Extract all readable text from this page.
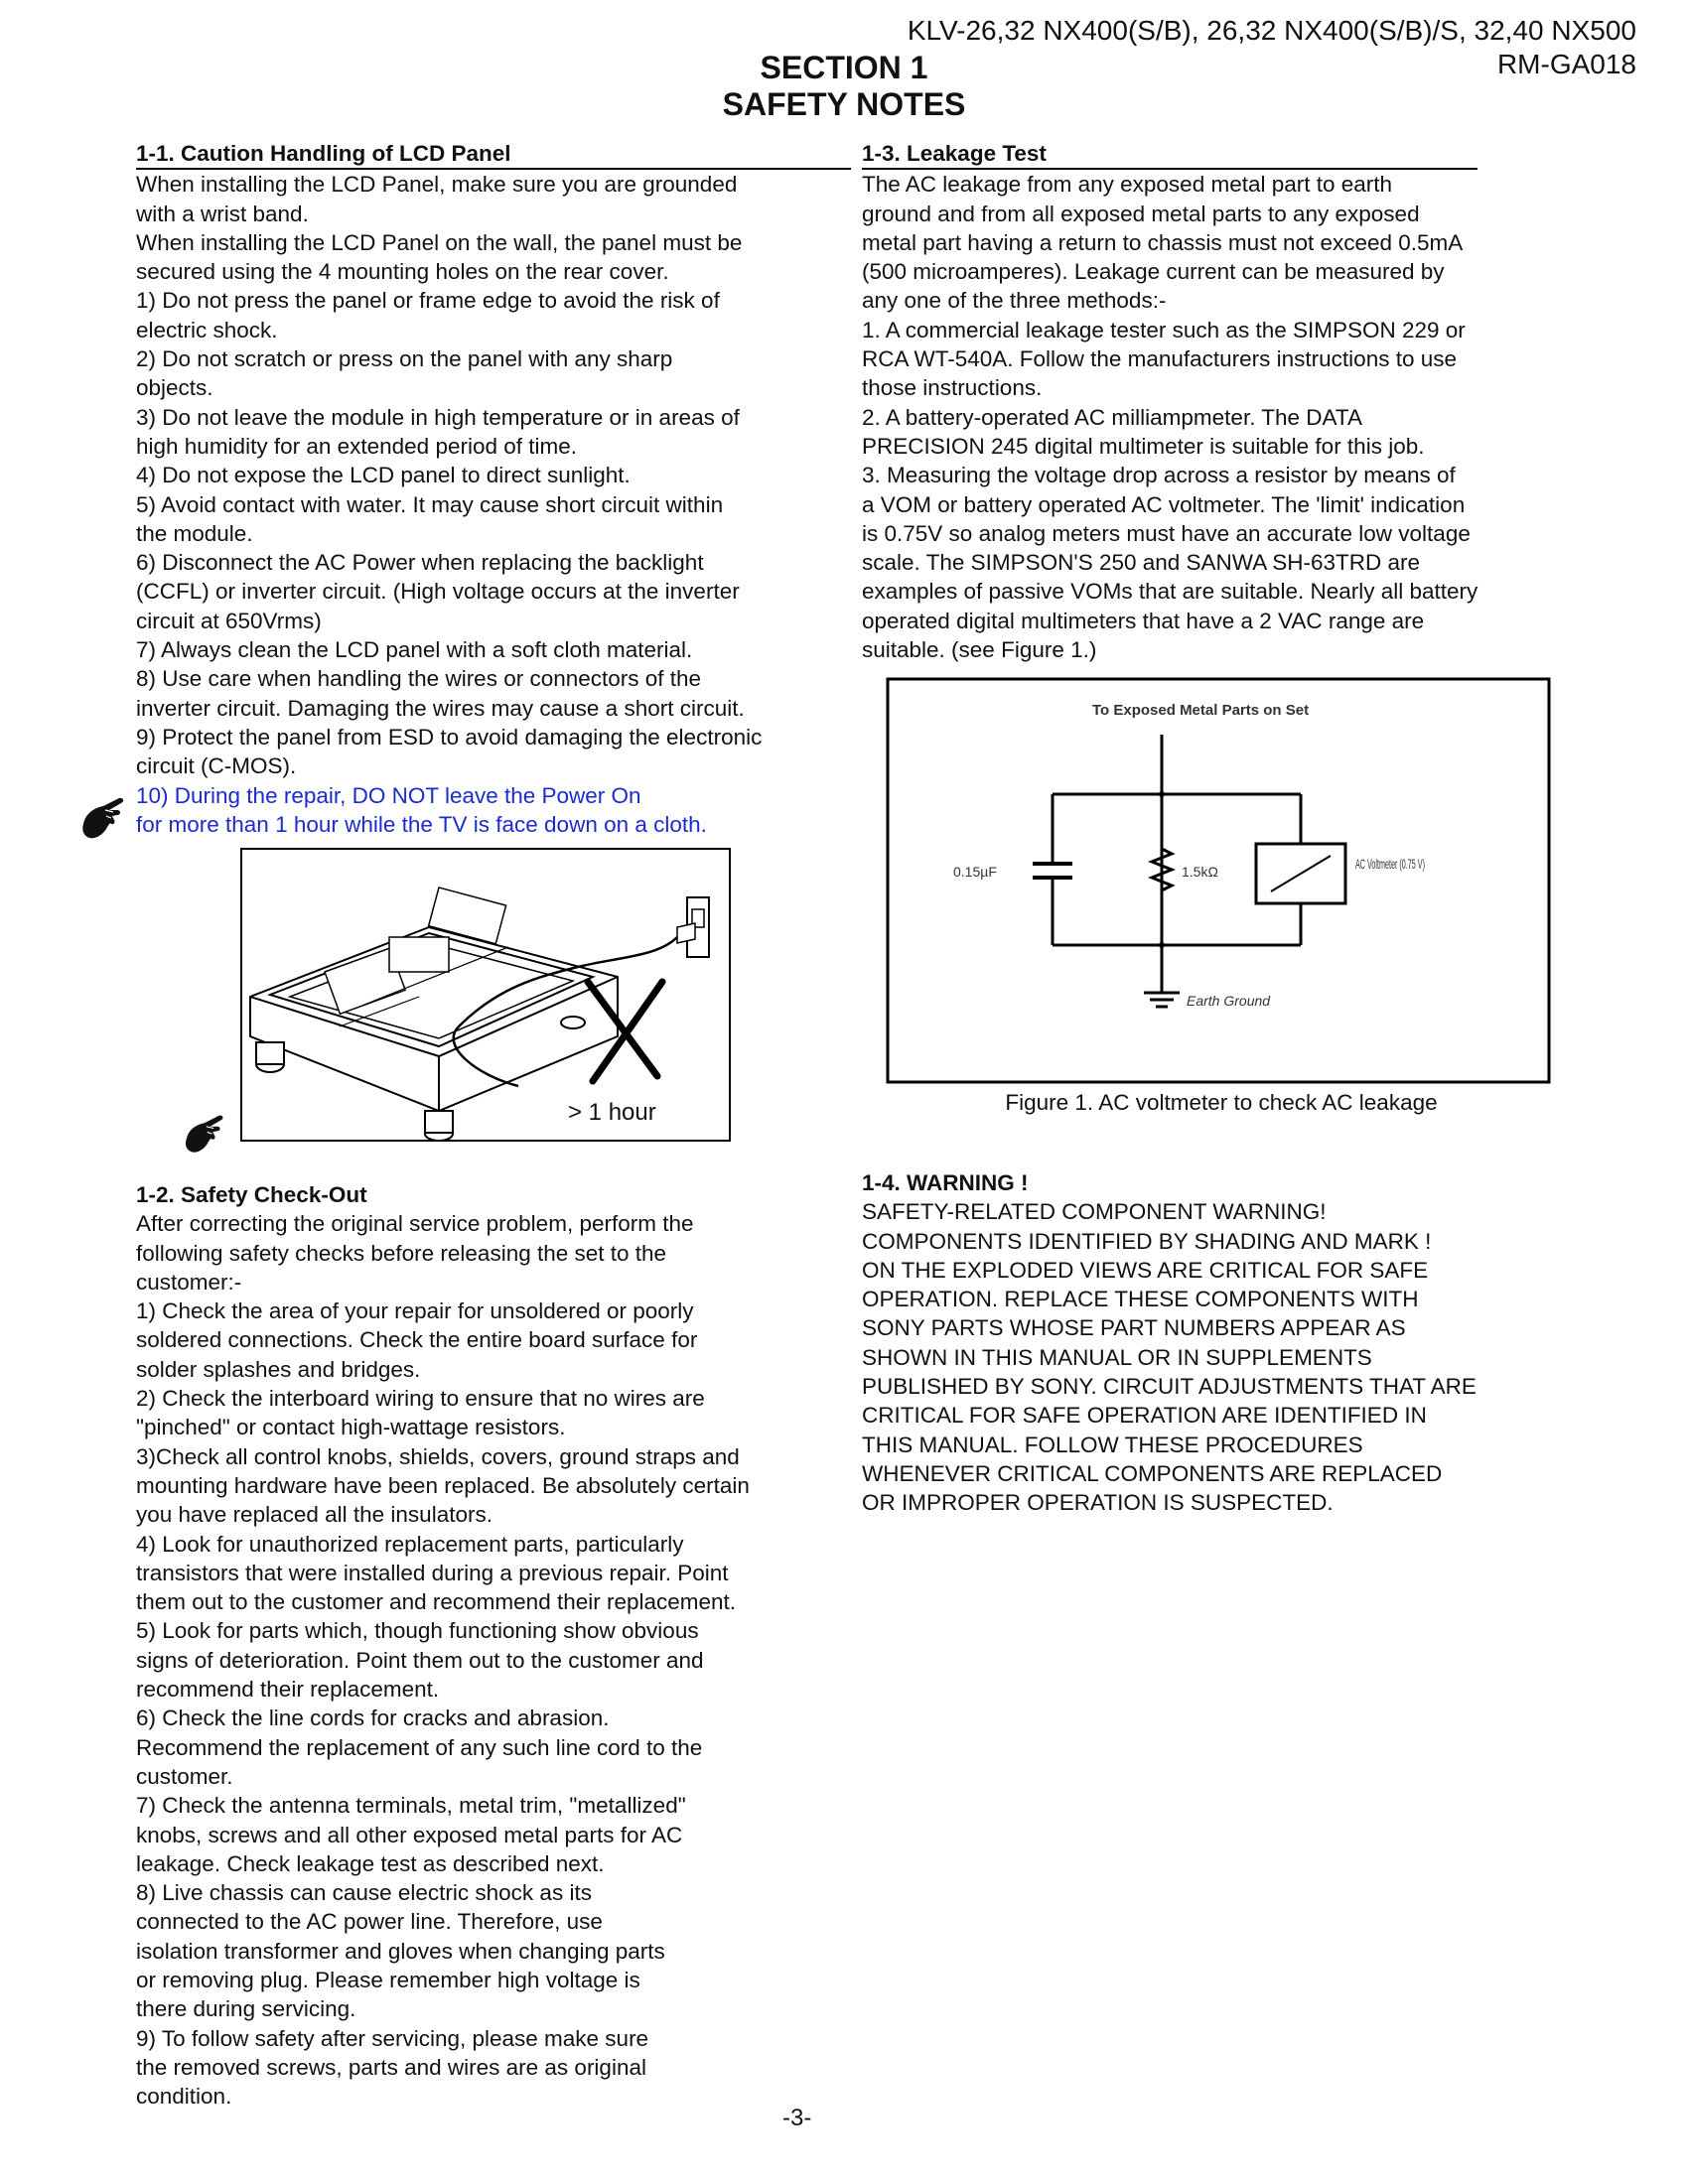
KLV-26,32 NX400(S/B), 26,32 NX400(S/B)/S, 32,40 NX500
RM-GA018
SECTION 1
SAFETY NOTES

1-1. Caution Handling of LCD Panel

When installing the LCD Panel, make sure you are grounded

with a wrist band.

When installing the LCD Panel on the wall, the panel must be

secured using the 4 mounting holes on the rear cover.

1) Do not press the panel or frame edge to avoid the risk of

electric shock.

2) Do not scratch or press on the panel with any sharp

objects.

3) Do not leave the module in high temperature or in areas of

high humidity for an extended period of time.

4) Do not expose the LCD panel to direct sunlight.

5) Avoid contact with water. It may cause short circuit within

the module.

6) Disconnect the AC Power when replacing the backlight

(CCFL) or inverter circuit. (High voltage occurs at the inverter

circuit at 650Vrms)

7) Always clean the LCD panel with a soft cloth material.

8) Use care when handling the wires or connectors of the

inverter circuit. Damaging the wires may cause a short circuit.

9) Protect the panel from ESD to avoid damaging the electronic

circuit (C-MOS).

10) During the repair, DO NOT leave the Power On

for more than 1 hour while the TV is face down on a cloth.

> 1 hour

1-2. Safety Check-Out

After correcting the original service problem, perform the

following safety checks before releasing the set to the

customer:-

1) Check the area of your repair for unsoldered or poorly

soldered connections. Check the entire board surface for

solder splashes and bridges.

2) Check the interboard wiring to ensure that no wires are

"pinched" or contact high-wattage resistors.

3)Check all control knobs, shields, covers, ground straps and

mounting hardware have been replaced. Be absolutely certain

you have replaced all the insulators.

4) Look for unauthorized replacement parts, particularly

transistors that were installed during a previous repair. Point

them out to the customer and recommend their replacement.

5) Look for parts which, though functioning show obvious

signs of deterioration. Point them out to the customer and

recommend their replacement.

6) Check the line cords for cracks and abrasion.

Recommend the replacement of any such line cord to the

customer.

7) Check the antenna terminals, metal trim, "metallized"

knobs, screws and all other exposed metal parts for AC

leakage. Check leakage test as described next.

8) Live chassis can cause electric shock as its

connected to the AC power line. Therefore, use

isolation transformer and gloves when changing parts

or removing plug. Please remember high voltage is

there during servicing.

9) To follow safety after servicing, please make sure

the removed screws, parts and wires are as original

condition.

1-3. Leakage Test

The AC leakage from any exposed metal part to earth

ground and from all exposed metal parts to any exposed

metal part having a return to chassis must not exceed 0.5mA

(500 microamperes). Leakage current can be measured by

any one of the three methods:-

1. A commercial leakage tester such as the SIMPSON 229 or

RCA WT-540A. Follow the manufacturers instructions to use

those instructions.

2. A battery-operated AC milliampmeter. The DATA

PRECISION 245 digital multimeter is suitable for this job.

3. Measuring the voltage drop across a resistor by means of

a VOM or battery operated AC voltmeter. The 'limit' indication

is 0.75V so analog meters must have an accurate low voltage

scale. The SIMPSON'S 250 and SANWA SH-63TRD are

examples of passive VOMs that are suitable. Nearly all battery

operated digital multimeters that have a 2 VAC range are

suitable. (see Figure 1.)

To Exposed Metal Parts on Set
0.15µF	1.5kΩ	AC Voltmeter (0.75 V)
Earth Ground
Figure 1. AC voltmeter to check AC leakage

1-4. WARNING !

SAFETY-RELATED COMPONENT WARNING!

COMPONENTS IDENTIFIED BY SHADING AND MARK !

ON THE EXPLODED VIEWS ARE CRITICAL FOR SAFE

OPERATION. REPLACE THESE COMPONENTS WITH

SONY PARTS WHOSE PART NUMBERS APPEAR AS

SHOWN IN THIS MANUAL OR IN SUPPLEMENTS

PUBLISHED BY SONY. CIRCUIT ADJUSTMENTS THAT ARE

CRITICAL FOR SAFE OPERATION ARE IDENTIFIED IN

THIS MANUAL. FOLLOW THESE PROCEDURES

WHENEVER CRITICAL COMPONENTS ARE REPLACED

OR IMPROPER OPERATION IS SUSPECTED.

-3-
